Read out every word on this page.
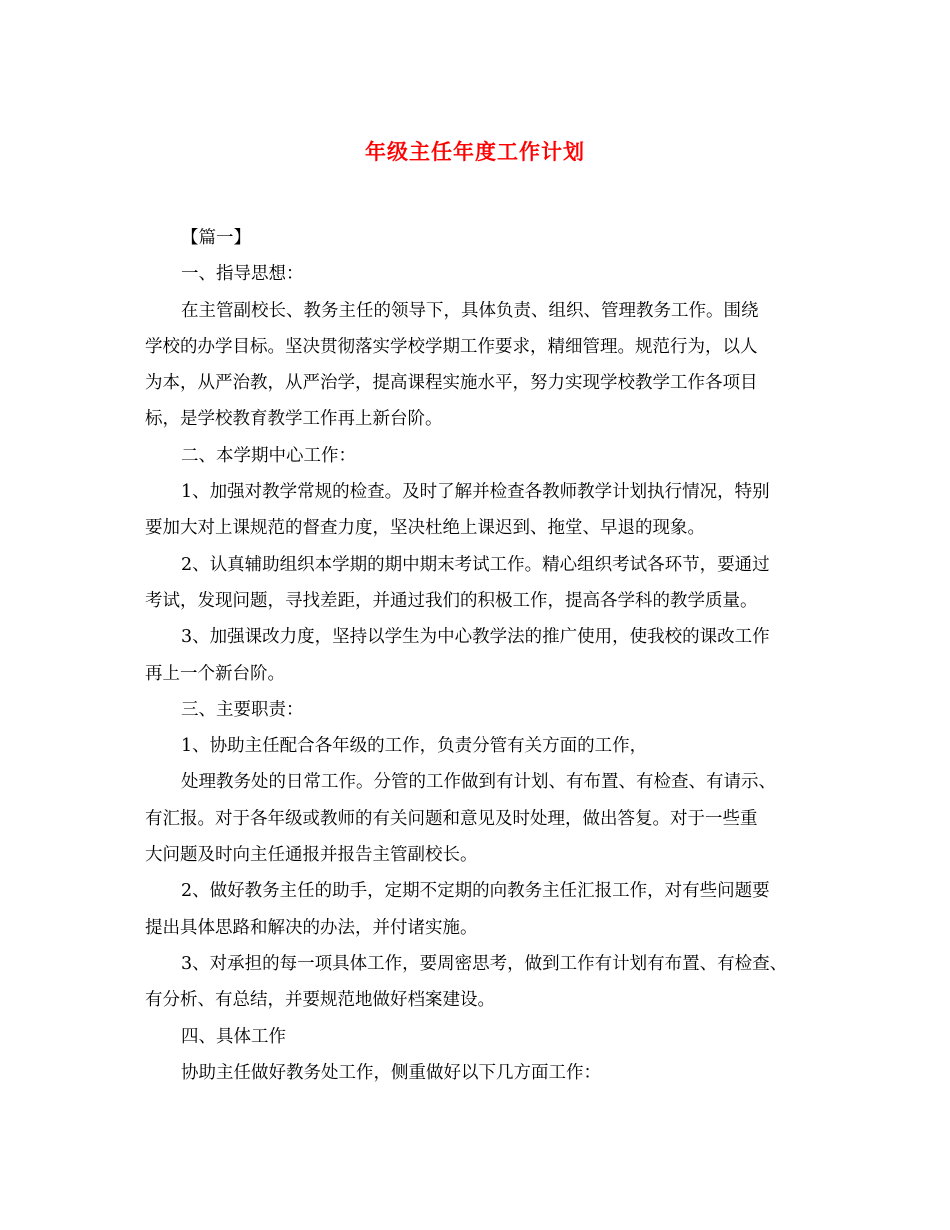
年级主任年度工作计划
【篇一】
一、指导思想：
在主管副校长、教务主任的领导下，具体负责、组织、管理教务工作。围绕
学校的办学目标。坚决贯彻落实学校学期工作要求，精细管理。规范行为，以人
为本，从严治教，从严治学，提高课程实施水平，努力实现学校教学工作各项目
标，是学校教育教学工作再上新台阶。
二、本学期中心工作：
1、加强对教学常规的检查。及时了解并检查各教师教学计划执行情况，特别
要加大对上课规范的督查力度，坚决杜绝上课迟到、拖堂、早退的现象。
2、认真辅助组织本学期的期中期末考试工作。精心组织考试各环节，要通过
考试，发现问题，寻找差距，并通过我们的积极工作，提高各学科的教学质量。
3、加强课改力度，坚持以学生为中心教学法的推广使用，使我校的课改工作
再上一个新台阶。
三、主要职责：
1、协助主任配合各年级的工作，负责分管有关方面的工作，
处理教务处的日常工作。分管的工作做到有计划、有布置、有检查、有请示、
有汇报。对于各年级或教师的有关问题和意见及时处理，做出答复。对于一些重
大问题及时向主任通报并报告主管副校长。
2、做好教务主任的助手，定期不定期的向教务主任汇报工作，对有些问题要
提出具体思路和解决的办法，并付诸实施。
3、对承担的每一项具体工作，要周密思考，做到工作有计划有布置、有检查、
有分析、有总结，并要规范地做好档案建设。
四、具体工作
协助主任做好教务处工作，侧重做好以下几方面工作：
